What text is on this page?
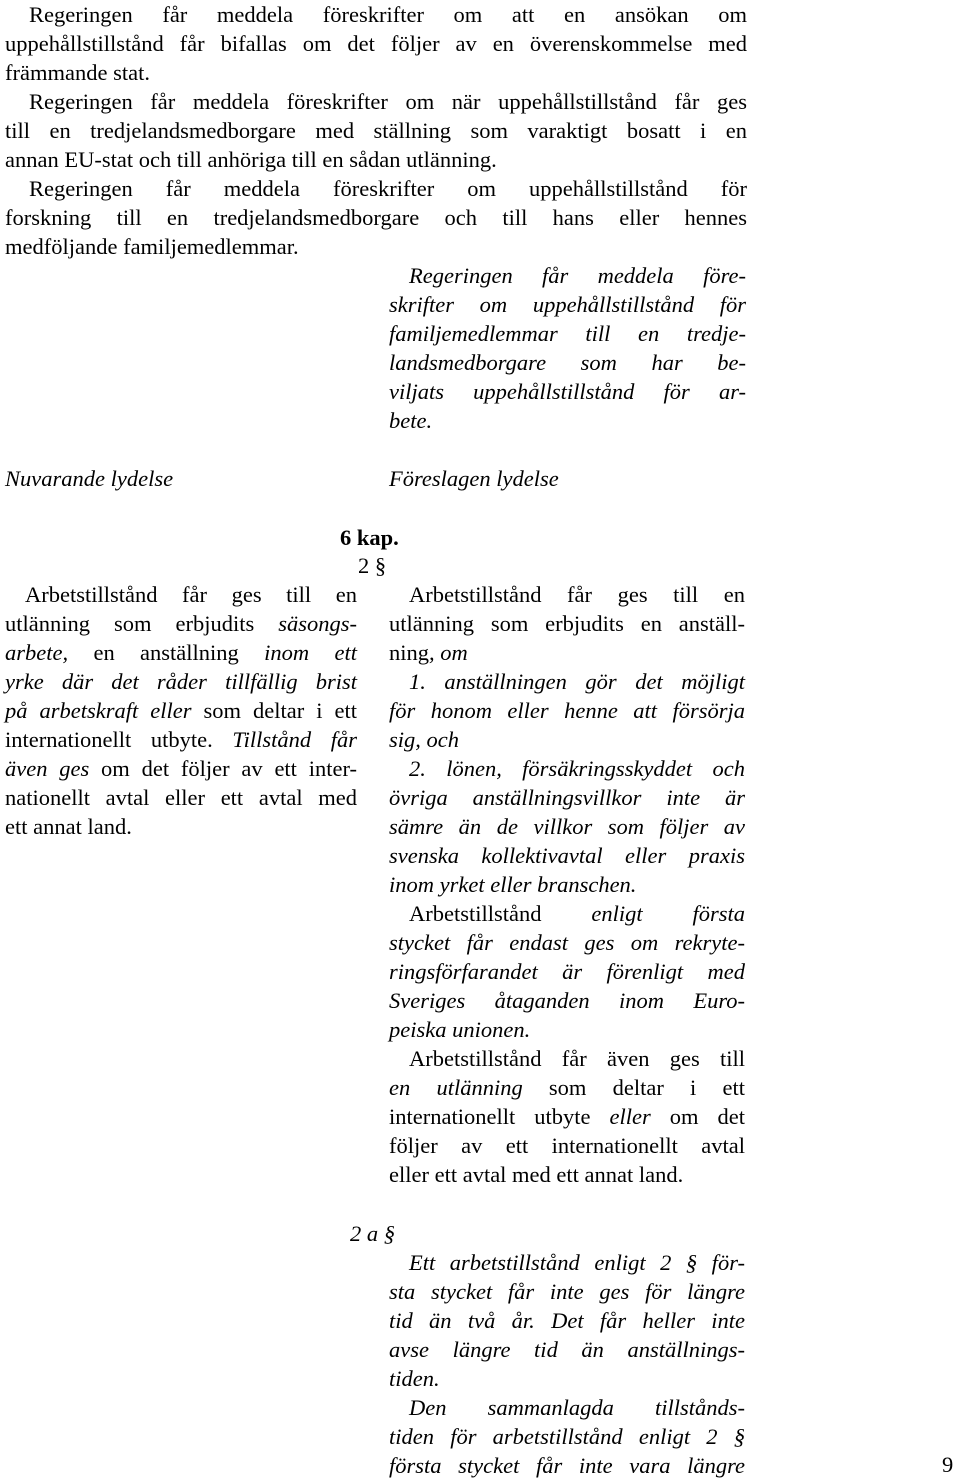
Regeringen får meddela föreskrifter om att en ansökan om
uppehållstillstånd får bifallas om det följer av en överenskommelse med
främmande stat.

Regeringen får meddela föreskrifter om när uppehållstillstånd får ges
till en tredjelandsmedborgare med ställning som varaktigt bosatt i en
annan EU-stat och till anhöriga till en sådan utlänning.

Regeringen får meddela föreskrifter om uppehållstillstånd för
forskning till en tredjelandsmedborgare och till hans eller hennes
medföljande familjemedlemmar.

Regeringen får meddela före-
skrifter om uppehållstillstånd för
familjemedlemmar till en tredje-
landsmedborgare som har be-
viljats uppehållstillstånd för ar-
bete.
Nuvarande lydelse	Föreslagen lydelse
6 kap.
2 §
Arbetstillstånd får ges till en
utlänning som erbjudits säsongs-
arbete, en anställning inom ett
yrke där det råder tillfällig brist
på arbetskraft eller som deltar i ett
internationellt utbyte. Tillstånd får
även ges om det följer av ett inter-
nationellt avtal eller ett avtal med
ett annat land.
Arbetstillstånd får ges till en
utlänning som erbjudits en anställ-
ning, om
1. anställningen gör det möjligt
för honom eller henne att försörja
sig, och
2. lönen, försäkringsskyddet och
övriga anställningsvillkor inte är
sämre än de villkor som följer av
svenska kollektivavtal eller praxis
inom yrket eller branschen.
Arbetstillstånd enligt första
stycket får endast ges om rekryte-
ringsförfarandet är förenligt med
Sveriges åtaganden inom Euro-
peiska unionen.
Arbetstillstånd får även ges till
en utlänning som deltar i ett
internationellt utbyte eller om det
följer av ett internationellt avtal
eller ett avtal med ett annat land.
2 a §
Ett arbetstillstånd enligt 2 § för-
sta stycket får inte ges för längre
tid än två år. Det får heller inte
avse längre tid än anställnings-
tiden.
Den sammanlagda tillstånds-
tiden för arbetstillstånd enligt 2 §
första stycket får inte vara längre	9
